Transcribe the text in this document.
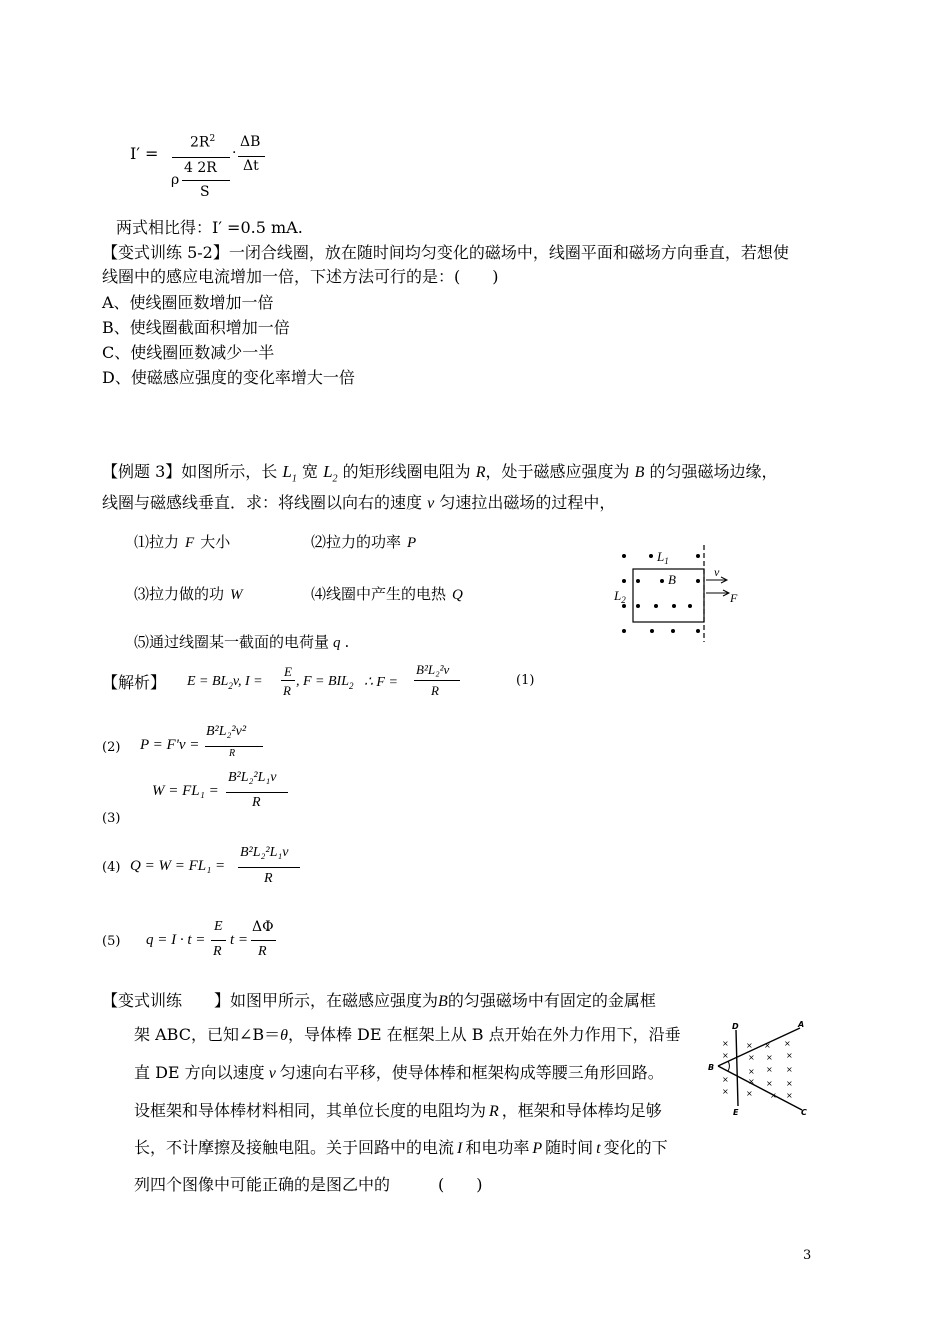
I′ =
$2R^2$
·
ΔB
Δt
ρ
4 2R
S
两式相比得：I′ =0.5 mA.
【变式训练 5-2】一闭合线圈，放在随时间均匀变化的磁场中，线圈平面和磁场方向垂直，若想使
线圈中的感应电流增加一倍，下述方法可行的是：(　　)
A、使线圈匝数增加一倍
B、使线圈截面积增加一倍
C、使线圈匝数减少一半
D、使磁感应强度的变化率增大一倍
【例题 3】如图所示，长 $L_1$ 宽 $L_2$ 的矩形线圈电阻为 R，处于磁感应强度为 B 的匀强磁场边缘，
线圈与磁感线垂直．求：将线圈以向右的速度 v 匀速拉出磁场的过程中，
⑴拉力 F 大小	⑵拉力的功率 P
⑶拉力做的功 W	⑷线圈中产生的电热 Q
⑸通过线圈某一截面的电荷量 q .
$L_1$
$L_2$
B	v
F
【解析】 $E = BL_2v$, I =
E
R
, $F = BIL_2$ ∴ F =
B²L₂²v
R
(1)
(2) P = F'v =
B²L₂²v²
R
W = FL₁ =
B²L₂²L₁v
R
(3)
(4) Q = W = FL₁ =
B²L₂²L₁v
R
(5) q = I · t =
E
R
t =
ΔΦ
R
【变式训练　　】如图甲所示，在磁感应强度为B的匀强磁场中有固定的金属框
架 ABC，已知∠B＝θ，导体棒 DE 在框架上从 B 点开始在外力作用下，沿垂
直 DE 方向以速度 v 匀速向右平移，使导体棒和框架构成等腰三角形回路。
设框架和导体棒材料相同，其单位长度的电阻均为 R ，框架和导体棒均足够
长，不计摩擦及接触电阻。关于回路中的电流 I 和电功率 P 随时间 t 变化的下
列四个图像中可能正确的是图乙中的　　　(　　)
× × × ×
× × × ×
× × ×
× × × ×
× × × ×
D	A
B
E	C
3
